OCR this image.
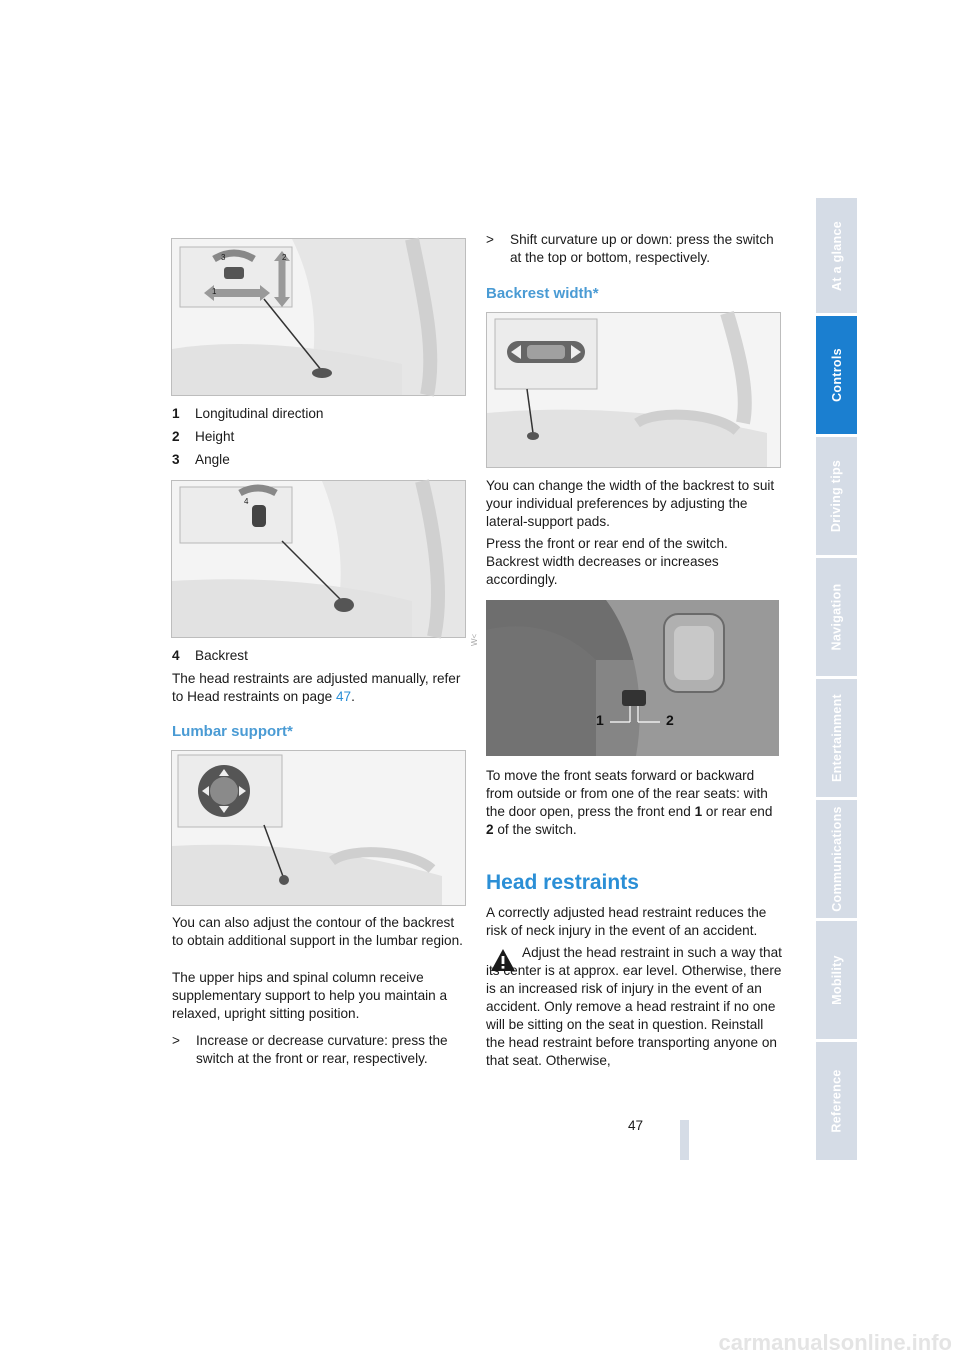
W<
3	2
1
1 Longitudinal direction
2 Height
3 Angle
4
4 Backrest

The head restraints are adjusted manually, refer to Head restraints on page 47.

Lumbar support*

You can also adjust the contour of the backrest to obtain additional support in the lumbar region.

The upper hips and spinal column receive supplementary support to help you maintain a relaxed, upright sitting position.

> Increase or decrease curvature: press the switch at the front or rear, respectively.
> Shift curvature up or down: press the switch at the top or bottom, respectively.
Backrest width*

You can change the width of the backrest to suit your individual preferences by adjusting the lateral-support pads.

Press the front or rear end of the switch. Backrest width decreases or increases accordingly.

1	2

To move the front seats forward or backward from outside or from one of the rear seats: with the door open, press the front end 1 or rear end 2 of the switch.

Head restraints

A correctly adjusted head restraint reduces the risk of neck injury in the event of an accident.

Adjust the head restraint in such a way that its center is at approx. ear level. Otherwise, there is an increased risk of injury in the event of an accident. Only remove a head restraint if no one will be sitting on the seat in question. Reinstall the head restraint before transporting anyone on that seat. Otherwise,

At a glance
Controls
Driving tips
Navigation
Entertainment
Communications
Mobility
Reference
47
carmanualsonline.info
